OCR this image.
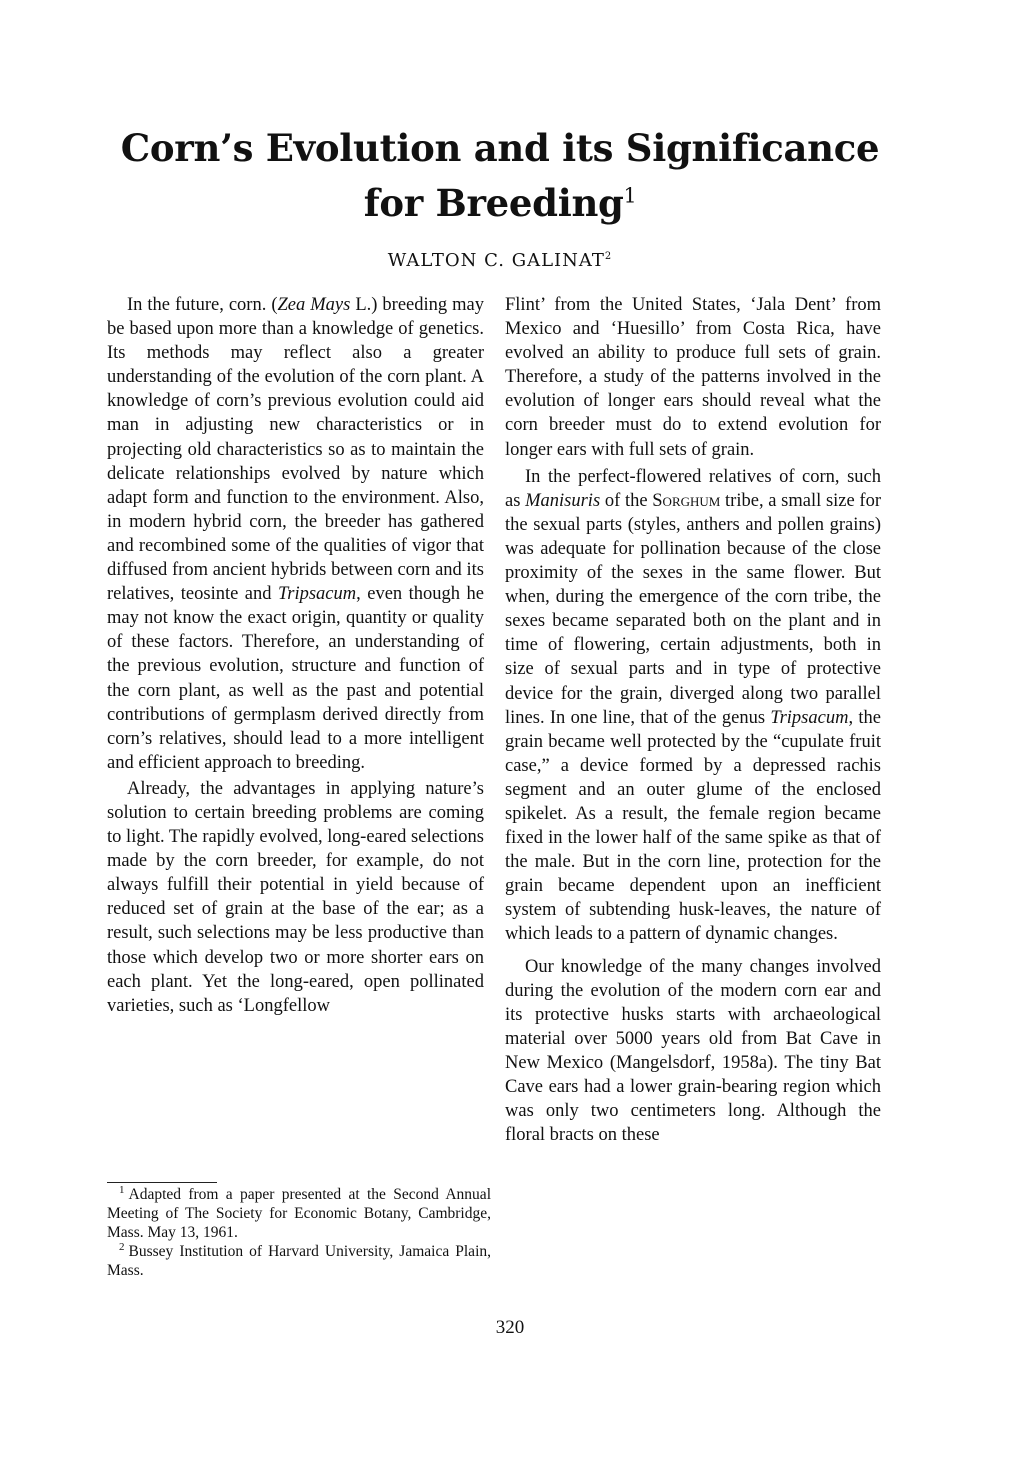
Corn’s Evolution and its Significance
for Breeding$^1$
WALTON C. GALINAT$^2$

In the future, corn. (Zea Mays L.) breeding may be based upon more than a knowledge of genetics. Its methods may reflect also a greater understanding of the evolution of the corn plant. A knowledge of corn’s previous evolution could aid man in adjusting new characteristics or in projecting old characteristics so as to maintain the delicate relationships evolved by nature which adapt form and function to the environment. Also, in modern hybrid corn, the breeder has gathered and recombined some of the qualities of vigor that diffused from ancient hybrids between corn and its relatives, teosinte and Tripsacum, even though he may not know the exact origin, quantity or quality of these factors. Therefore, an understanding of the previous evolution, structure and function of the corn plant, as well as the past and potential contributions of germplasm derived directly from corn’s relatives, should lead to a more intelligent and efficient approach to breeding.

Already, the advantages in applying nature’s solution to certain breeding problems are coming to light. The rapidly evolved, long-eared selections made by the corn breeder, for example, do not always fulfill their potential in yield because of reduced set of grain at the base of the ear; as a result, such selections may be less productive than those which develop two or more shorter ears on each plant. Yet the long-eared, open pollinated varieties, such as ‘Longfellow

Flint’ from the United States, ‘Jala Dent’ from Mexico and ‘Huesillo’ from Costa Rica, have evolved an ability to produce full sets of grain. Therefore, a study of the patterns involved in the evolution of longer ears should reveal what the corn breeder must do to extend evolution for longer ears with full sets of grain.

In the perfect-flowered relatives of corn, such as Manisuris of the Sorghum tribe, a small size for the sexual parts (styles, anthers and pollen grains) was adequate for pollination because of the close proximity of the sexes in the same flower. But when, during the emergence of the corn tribe, the sexes became separated both on the plant and in time of flowering, certain adjustments, both in size of sexual parts and in type of protective device for the grain, diverged along two parallel lines. In one line, that of the genus Tripsacum, the grain became well protected by the “cupulate fruit case,” a device formed by a depressed rachis segment and an outer glume of the enclosed spikelet. As a result, the female region became fixed in the lower half of the same spike as that of the male. But in the corn line, protection for the grain became dependent upon an inefficient system of subtending husk-leaves, the nature of which leads to a pattern of dynamic changes.

Our knowledge of the many changes involved during the evolution of the modern corn ear and its protective husks starts with archaeological material over 5000 years old from Bat Cave in New Mexico (Mangelsdorf, 1958a). The tiny Bat Cave ears had a lower grain-bearing region which was only two centimeters long. Although the floral bracts on these

$^1$ Adapted from a paper presented at the Second Annual Meeting of The Society for Economic Botany, Cambridge, Mass. May 13, 1961.

$^2$ Bussey Institution of Harvard University, Jamaica Plain, Mass.

320
